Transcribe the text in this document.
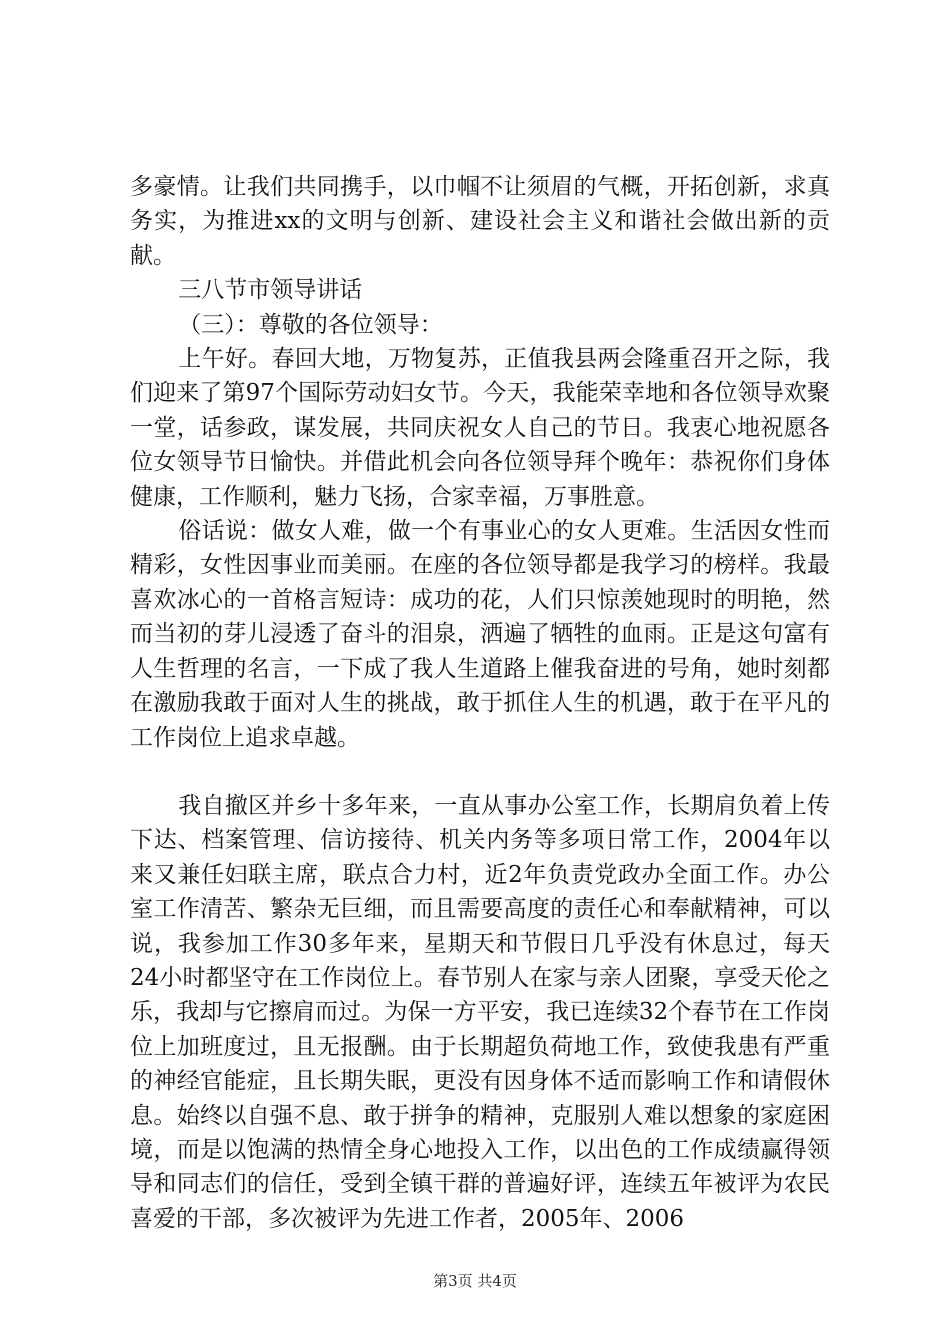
多豪情。让我们共同携手，以巾帼不让须眉的气概，开拓创新，求真务实，为推进xx的文明与创新、建设社会主义和谐社会做出新的贡献。

三八节市领导讲话

（三）：尊敬的各位领导：

上午好。春回大地，万物复苏，正值我县两会隆重召开之际，我们迎来了第97个国际劳动妇女节。今天，我能荣幸地和各位领导欢聚一堂，话参政，谋发展，共同庆祝女人自己的节日。我衷心地祝愿各位女领导节日愉快。并借此机会向各位领导拜个晚年：恭祝你们身体健康，工作顺利，魅力飞扬，合家幸福，万事胜意。

俗话说：做女人难，做一个有事业心的女人更难。生活因女性而精彩，女性因事业而美丽。在座的各位领导都是我学习的榜样。我最喜欢冰心的一首格言短诗：成功的花，人们只惊羡她现时的明艳，然而当初的芽儿浸透了奋斗的泪泉，洒遍了牺牲的血雨。正是这句富有人生哲理的名言，一下成了我人生道路上催我奋进的号角，她时刻都在激励我敢于面对人生的挑战，敢于抓住人生的机遇，敢于在平凡的工作岗位上追求卓越。

我自撤区并乡十多年来，一直从事办公室工作，长期肩负着上传下达、档案管理、信访接待、机关内务等多项日常工作，2004年以来又兼任妇联主席，联点合力村，近2年负责党政办全面工作。办公室工作清苦、繁杂无巨细，而且需要高度的责任心和奉献精神，可以说，我参加工作30多年来，星期天和节假日几乎没有休息过，每天24小时都坚守在工作岗位上。春节别人在家与亲人团聚，享受天伦之乐，我却与它擦肩而过。为保一方平安，我已连续32个春节在工作岗位上加班度过，且无报酬。由于长期超负荷地工作，致使我患有严重的神经官能症，且长期失眠，更没有因身体不适而影响工作和请假休息。始终以自强不息、敢于拼争的精神，克服别人难以想象的家庭困境，而是以饱满的热情全身心地投入工作，以出色的工作成绩赢得领导和同志们的信任，受到全镇干群的普遍好评，连续五年被评为农民喜爱的干部，多次被评为先进工作者，2005年、2006

第3页 共4页
